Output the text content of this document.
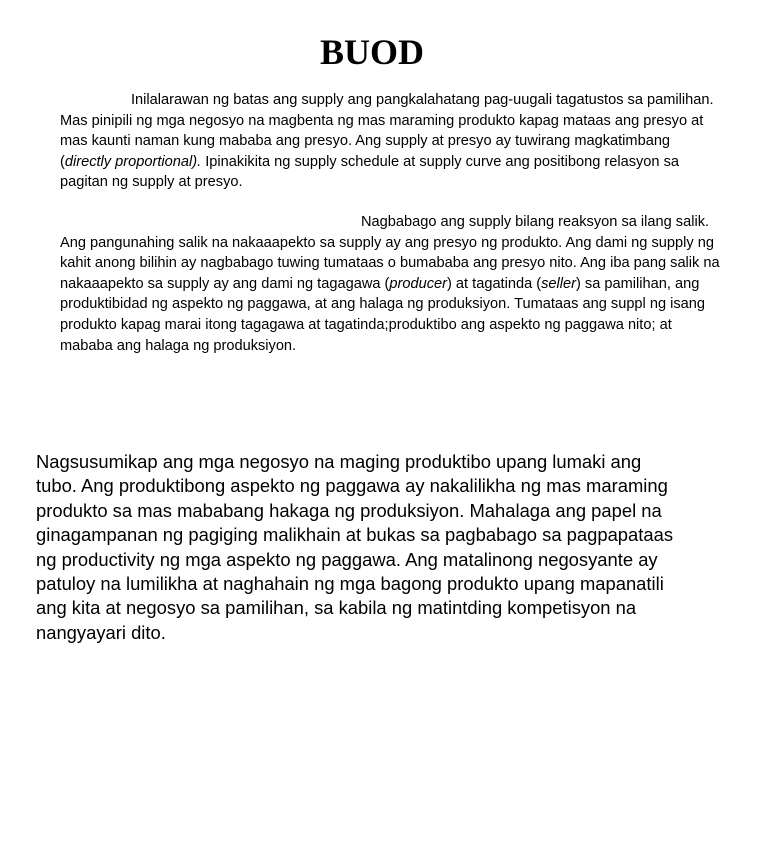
BUOD

Inilalarawan ng batas ang supply ang pangkalahatang pag-uugali tagatustos sa pamilihan. Mas pinipili ng mga negosyo na magbenta ng mas maraming produkto kapag mataas ang presyo at mas kaunti naman kung mababa ang presyo. Ang supply at presyo ay tuwirang magkatimbang (directly proportional). Ipinakikita ng supply schedule at supply curve ang positibong relasyon sa pagitan ng supply at presyo.

Nagbabago ang supply bilang reaksyon sa ilang salik. Ang pangunahing salik na nakaaapekto sa supply ay ang presyo ng produkto. Ang dami ng supply ng kahit anong bilihin ay nagbabago tuwing tumataas o bumababa ang presyo nito. Ang iba pang salik na nakaaapekto sa supply ay ang dami ng tagagawa (producer) at tagatinda (seller) sa pamilihan, ang produktibidad ng aspekto ng paggawa, at ang halaga ng produksiyon. Tumataas ang suppl ng isang produkto kapag marai itong tagagawa at tagatinda;produktibo ang aspekto ng paggawa nito; at mababa ang halaga ng produksiyon.

Nagsusumikap ang mga negosyo na maging produktibo upang lumaki ang tubo. Ang produktibong aspekto ng paggawa ay nakalilikha ng mas maraming produkto sa mas mababang hakaga ng produksiyon. Mahalaga ang papel na ginagampanan ng pagiging malikhain at bukas sa pagbabago sa pagpapataas ng productivity ng mga aspekto ng paggawa. Ang matalinong negosyante ay patuloy na lumilikha at naghahain ng mga bagong produkto upang mapanatili ang kita at negosyo sa pamilihan, sa kabila ng matintding kompetisyon na nangyayari dito.
